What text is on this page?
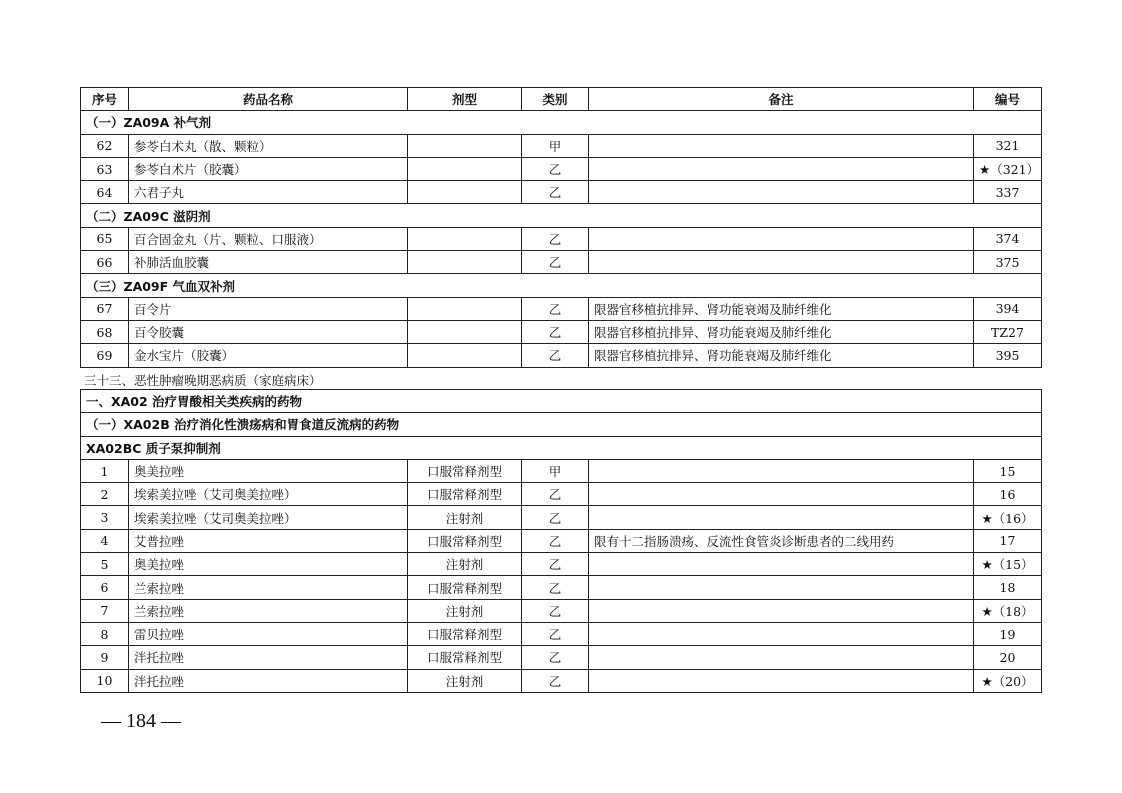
序号	药品名称	剂型	类别	备注	编号
（一）ZA09A 补气剂					
62	参苓白术丸（散、颗粒）		甲		321
63	参苓白术片（胶囊）		乙		★（321）
64	六君子丸		乙		337
（二）ZA09C 滋阴剂					
65	百合固金丸（片、颗粒、口服液）		乙		374
66	补肺活血胶囊		乙		375
（三）ZA09F 气血双补剂					
67	百令片		乙	限器官移植抗排异、肾功能衰竭及肺纤维化	394
68	百令胶囊		乙	限器官移植抗排异、肾功能衰竭及肺纤维化	TZ27
69	金水宝片（胶囊）		乙	限器官移植抗排异、肾功能衰竭及肺纤维化	395
三十三、恶性肿瘤晚期恶病质（家庭病床）
一、XA02 治疗胃酸相关类疾病的药物					
（一）XA02B 治疗消化性溃疡病和胃食道反流病的药物					
XA02BC 质子泵抑制剂					
1	奥美拉唑	口服常释剂型	甲		15
2	埃索美拉唑（艾司奥美拉唑）	口服常释剂型	乙		16
3	埃索美拉唑（艾司奥美拉唑）	注射剂	乙		★（16）
4	艾普拉唑	口服常释剂型	乙	限有十二指肠溃疡、反流性食管炎诊断患者的二线用药	17
5	奥美拉唑	注射剂	乙		★（15）
6	兰索拉唑	口服常释剂型	乙		18
7	兰索拉唑	注射剂	乙		★（18）
8	雷贝拉唑	口服常释剂型	乙		19
9	泮托拉唑	口服常释剂型	乙		20
10	泮托拉唑	注射剂	乙		★（20）
— 184 —
